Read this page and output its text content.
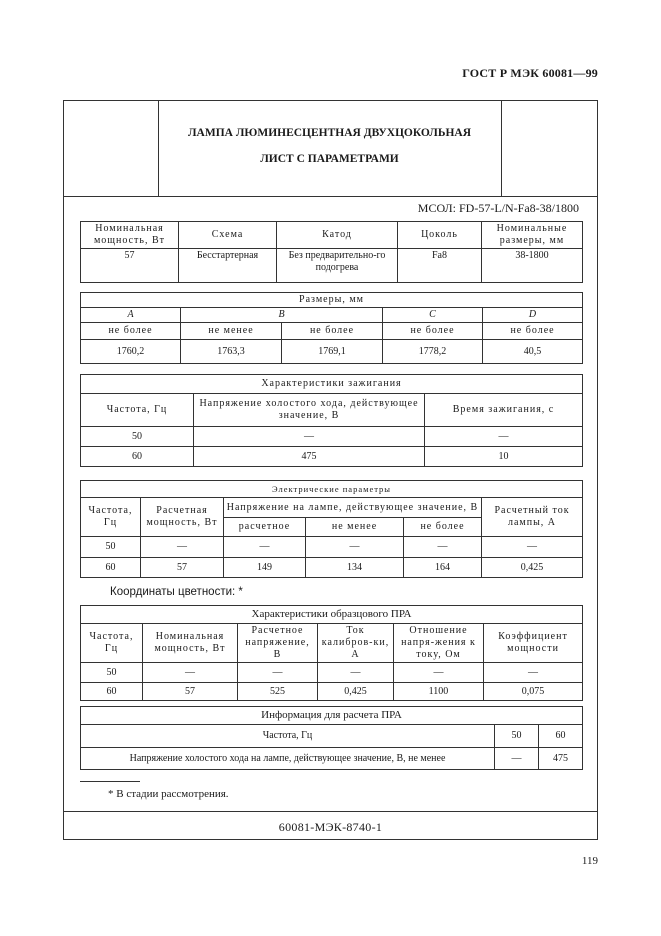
ГОСТ Р МЭК 60081—99
ЛАМПА ЛЮМИНЕСЦЕНТНАЯ ДВУХЦОКОЛЬНАЯ
ЛИСТ С ПАРАМЕТРАМИ
МСОЛ: FD-57-L/N-Fa8-38/1800
Номинальная мощность, Вт	Схема	Катод	Цоколь	Номинальные размеры, мм
57	Бесстартерная	Без предварительно-го подогрева	Fa8	38-1800
Размеры, мм				
A	B		C	D
не более	не менее	не более	не более	не более
1760,2	1763,3	1769,1	1778,2	40,5
Характеристики зажигания		
Частота, Гц	Напряжение холостого хода, действующее значение, В	Время зажигания, с
50	—	—
60	475	10
Электрические параметры					
Частота, Гц	Расчетная мощность, Вт	Напряжение на лампе, действующее значение, В			Расчетный ток лампы, А
		расчетное	не менее	не более	
50	—	—	—	—	—
60	57	149	134	164	0,425
Координаты цветности: *
Характеристики образцового ПРА					
Частота, Гц	Номинальная мощность, Вт	Расчетное напряжение, В	Ток калибров-ки, А	Отношение напря-жения к току, Ом	Коэффициент мощности
50	—	—	—	—	—
60	57	525	0,425	1100	0,075
Информация для расчета ПРА		
Частота, Гц	50	60
Напряжение холостого хода на лампе, действующее значение, В, не менее	—	475
* В стадии рассмотрения.
60081-МЭК-8740-1
119
